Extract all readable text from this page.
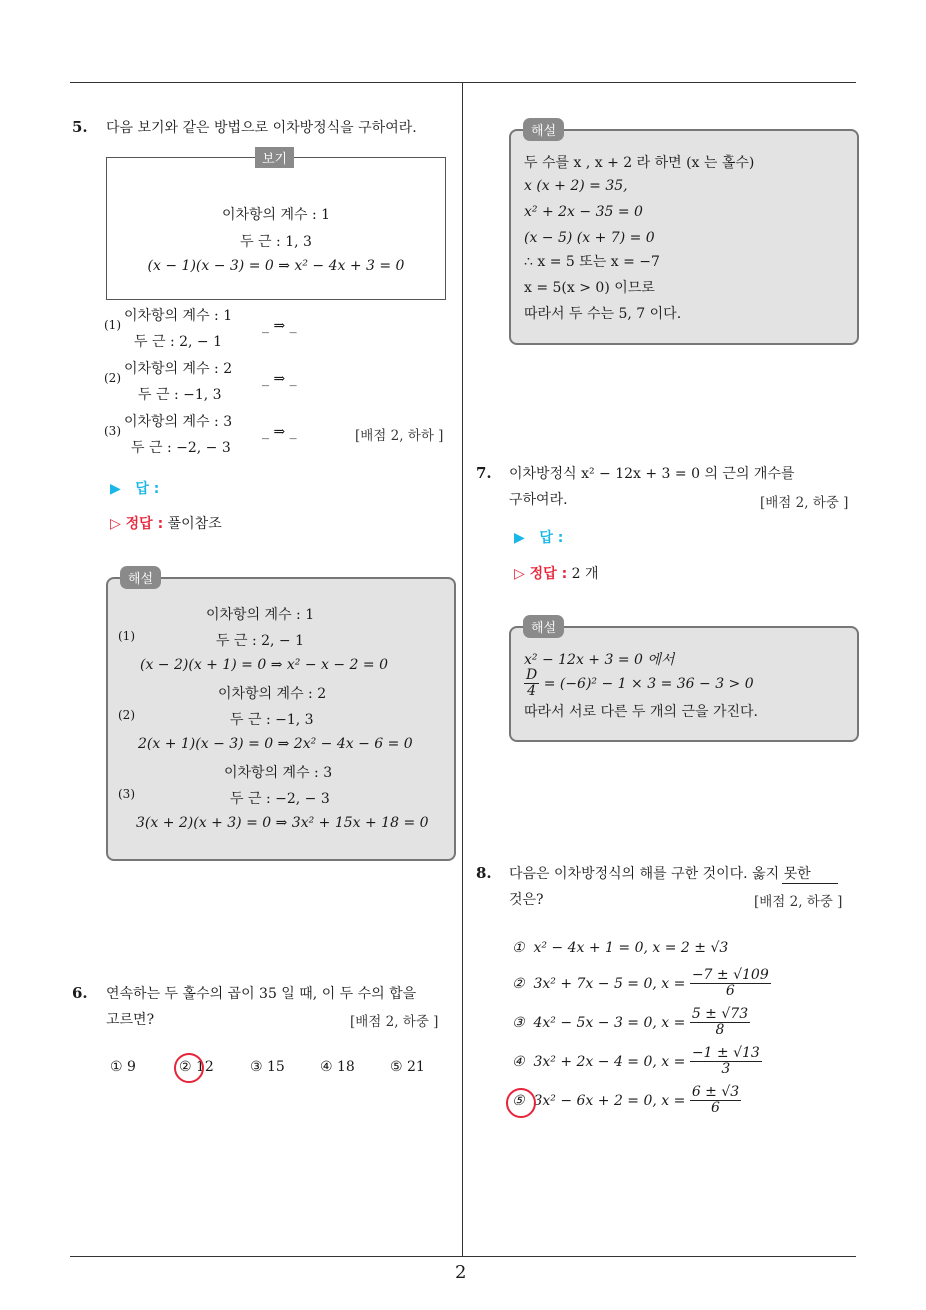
2
5. 다음 보기와 같은 방법으로 이차방정식을 구하여라.
보기
이차항의 계수 : 1
두 근 : 1, 3
(x − 1)(x − 3) = 0 ⇒ x² − 4x + 3 = 0
(1)
이차항의 계수 : 1
두 근 : 2, − 1
_ ⇒ _
(2)
이차항의 계수 : 2
두 근 : −1, 3
_ ⇒ _
(3)
이차항의 계수 : 3
두 근 : −2, − 3
_ ⇒ _	[배점 2, 하하 ]
▶   답 :
▷ 정답 : 풀이참조
해설
이차항의 계수 : 1
(1)	두 근 : 2, − 1
(x − 2)(x + 1) = 0 ⇒ x² − x − 2 = 0
이차항의 계수 : 2
(2)	두 근 : −1, 3
2(x + 1)(x − 3) = 0 ⇒ 2x² − 4x − 6 = 0
이차항의 계수 : 3
(3)	두 근 : −2, − 3
3(x + 2)(x + 3) = 0 ⇒ 3x² + 15x + 18 = 0
6. 연속하는 두 홀수의 곱이 35 일 때, 이 두 수의 합을
고르면?	[배점 2, 하중 ]
① 9	② 12	③ 15	④ 18	⑤ 21
해설
두 수를 x , x + 2 라 하면 (x 는 홀수)
x (x + 2) = 35,
x² + 2x − 35 = 0
(x − 5) (x + 7) = 0
∴ x = 5 또는 x = −7
x = 5(x > 0) 이므로
따라서 두 수는 5, 7 이다.
7. 이차방정식 x² − 12x + 3 = 0 의 근의 개수를
구하여라.	[배점 2, 하중 ]
▶   답 :
▷ 정답 : 2 개
해설
x² − 12x + 3 = 0 에서
$\frac{D}{4} = (-6)^2 - 1 \times 3 = 36 - 3 > 0$
따라서 서로 다른 두 개의 근을 가진다.
8. 다음은 이차방정식의 해를 구한 것이다. 옳지 못한
것은?	[배점 2, 하중 ]
① x² − 4x + 1 = 0, x = 2 ± √3
② 3x² + 7x − 5 = 0, $x = \frac{-7 \pm √109}{6}$
③ 4x² − 5x − 3 = 0, $x = \frac{5 \pm √73}{8}$
④ 3x² + 2x − 4 = 0, $x = \frac{-1 \pm √13}{3}$
⑤ 3x² − 6x + 2 = 0, $x = \frac{6 \pm √3}{6}$
